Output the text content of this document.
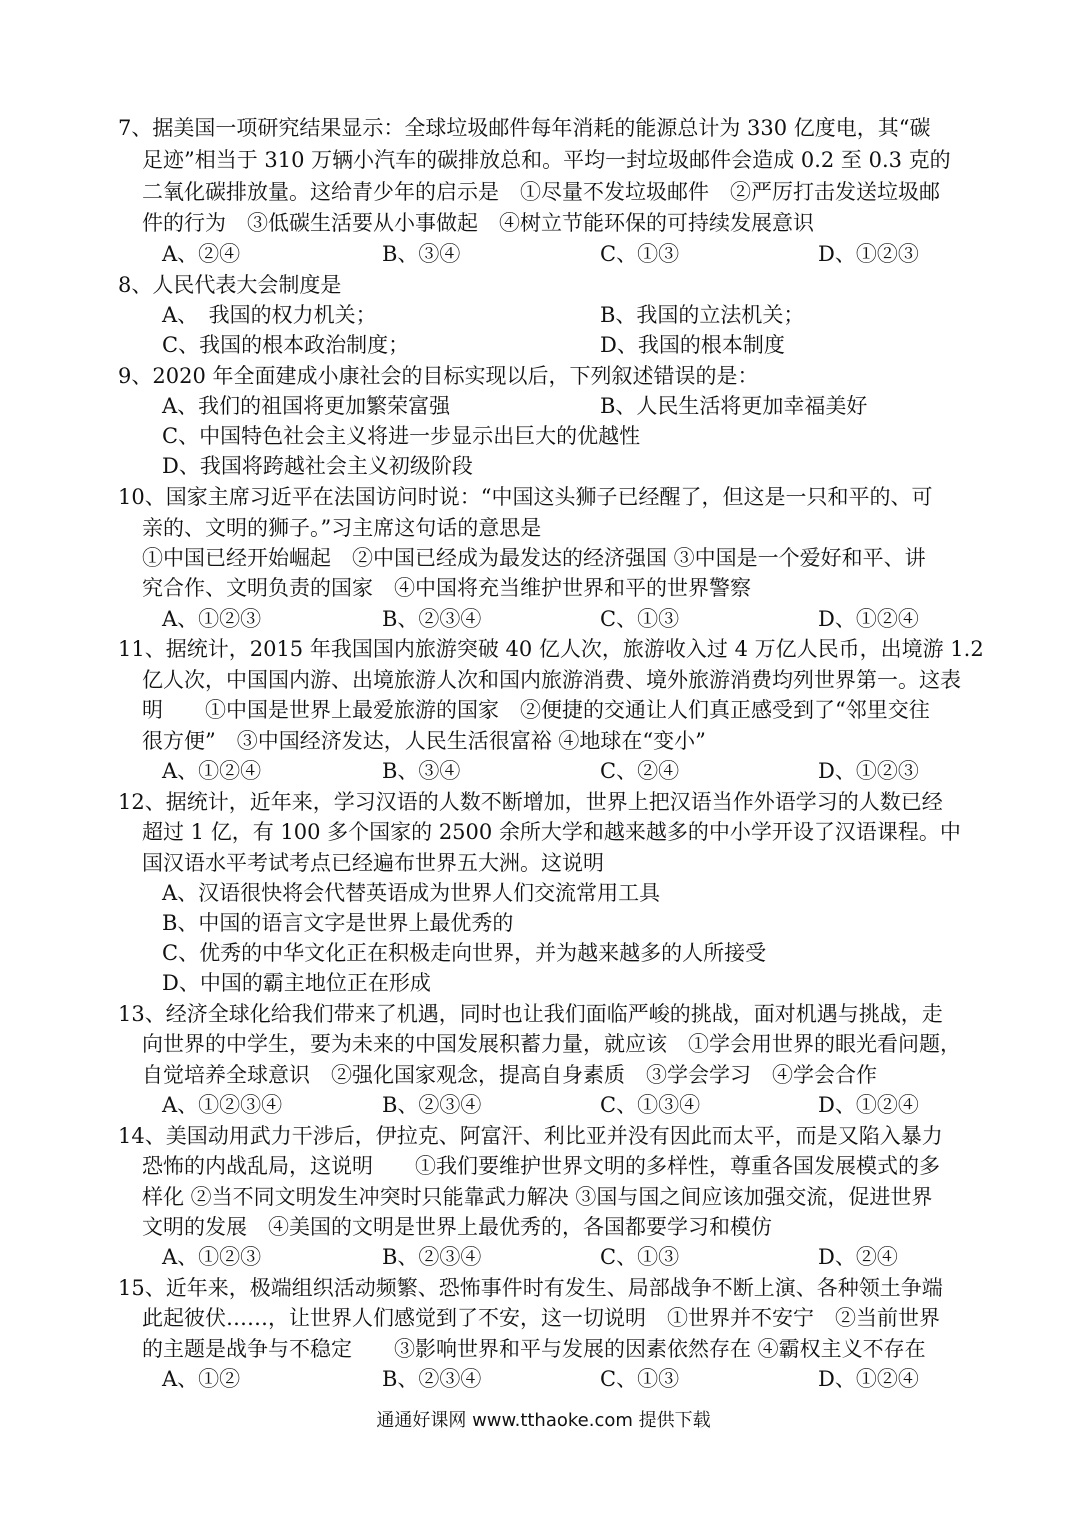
7、据美国一项研究结果显示：全球垃圾邮件每年消耗的能源总计为 330 亿度电，其“碳
足迹”相当于 310 万辆小汽车的碳排放总和。平均一封垃圾邮件会造成 0.2 至 0.3 克的
二氧化碳排放量。这给青少年的启示是　①尽量不发垃圾邮件　②严厉打击发送垃圾邮
件的行为　③低碳生活要从小事做起　④树立节能环保的可持续发展意识
A、②④	B、③④	C、①③	D、①②③
8、人民代表大会制度是
A、　我国的权力机关；	B、我国的立法机关；
C、我国的根本政治制度；	D、我国的根本制度
9、2020 年全面建成小康社会的目标实现以后，下列叙述错误的是：
A、我们的祖国将更加繁荣富强	B、人民生活将更加幸福美好
C、中国特色社会主义将进一步显示出巨大的优越性
D、我国将跨越社会主义初级阶段
10、国家主席习近平在法国访问时说：“中国这头狮子已经醒了，但这是一只和平的、可
亲的、文明的狮子。”习主席这句话的意思是
①中国已经开始崛起　②中国已经成为最发达的经济强国 ③中国是一个爱好和平、讲
究合作、文明负责的国家　④中国将充当维护世界和平的世界警察
A、①②③	B、②③④	C、①③	D、①②④
11、据统计，2015 年我国国内旅游突破 40 亿人次，旅游收入过 4 万亿人民币，出境游 1.2
亿人次，中国国内游、出境旅游人次和国内旅游消费、境外旅游消费均列世界第一。这表
明　　①中国是世界上最爱旅游的国家　②便捷的交通让人们真正感受到了“邻里交往
很方便”　③中国经济发达，人民生活很富裕 ④地球在“变小”
A、①②④	B、③④	C、②④	D、①②③
12、据统计，近年来，学习汉语的人数不断增加，世界上把汉语当作外语学习的人数已经
超过 1 亿，有 100 多个国家的 2500 余所大学和越来越多的中小学开设了汉语课程。中
国汉语水平考试考点已经遍布世界五大洲。这说明
A、汉语很快将会代替英语成为世界人们交流常用工具
B、中国的语言文字是世界上最优秀的
C、优秀的中华文化正在积极走向世界，并为越来越多的人所接受
D、中国的霸主地位正在形成
13、经济全球化给我们带来了机遇，同时也让我们面临严峻的挑战，面对机遇与挑战，走
向世界的中学生，要为未来的中国发展积蓄力量，就应该　①学会用世界的眼光看问题，
自觉培养全球意识　②强化国家观念，提高自身素质　③学会学习　④学会合作
A、①②③④	B、②③④	C、①③④	D、①②④
14、美国动用武力干涉后，伊拉克、阿富汗、利比亚并没有因此而太平，而是又陷入暴力
恐怖的内战乱局，这说明　　①我们要维护世界文明的多样性，尊重各国发展模式的多
样化 ②当不同文明发生冲突时只能靠武力解决 ③国与国之间应该加强交流，促进世界
文明的发展　④美国的文明是世界上最优秀的，各国都要学习和模仿
A、①②③	B、②③④	C、①③	D、②④
15、近年来，极端组织活动频繁、恐怖事件时有发生、局部战争不断上演、各种领土争端
此起彼伏……，让世界人们感觉到了不安，这一切说明　①世界并不安宁　②当前世界
的主题是战争与不稳定　　③影响世界和平与发展的因素依然存在 ④霸权主义不存在
A、①②	B、②③④	C、①③	D、①②④
通通好课网 www.tthaoke.com 提供下载
